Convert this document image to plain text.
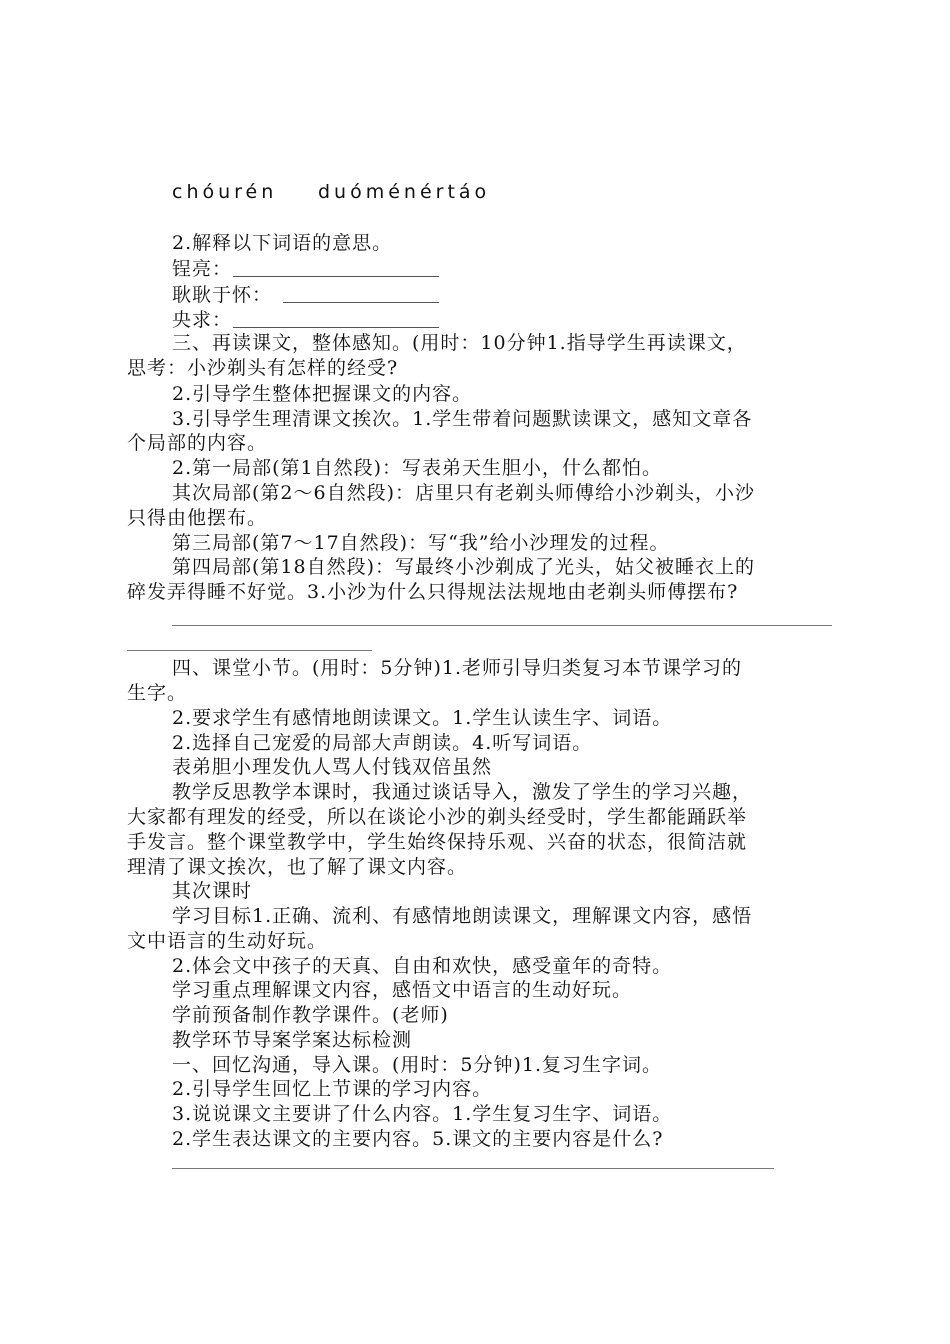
chóurén duóménértáo
2.解释以下词语的意思。
锃亮：
耿耿于怀：
央求：
三、再读课文，整体感知。(用时：10分钟1.指导学生再读课文，
思考：小沙剃头有怎样的经受?
2.引导学生整体把握课文的内容。
3.引导学生理清课文挨次。1.学生带着问题默读课文，感知文章各
个局部的内容。
2.第一局部(第1自然段)：写表弟天生胆小，什么都怕。
其次局部(第2～6自然段)：店里只有老剃头师傅给小沙剃头，小沙
只得由他摆布。
第三局部(第7～17自然段)：写“我”给小沙理发的过程。
第四局部(第18自然段)：写最终小沙剃成了光头，姑父被睡衣上的
碎发弄得睡不好觉。3.小沙为什么只得规法法规地由老剃头师傅摆布?
四、课堂小节。(用时：5分钟)1.老师引导归类复习本节课学习的
生字。
2.要求学生有感情地朗读课文。1.学生认读生字、词语。
2.选择自己宠爱的局部大声朗读。4.听写词语。
表弟胆小理发仇人骂人付钱双倍虽然
教学反思教学本课时，我通过谈话导入，激发了学生的学习兴趣，
大家都有理发的经受，所以在谈论小沙的剃头经受时，学生都能踊跃举
手发言。整个课堂教学中，学生始终保持乐观、兴奋的状态，很简洁就
理清了课文挨次，也了解了课文内容。
其次课时
学习目标1.正确、流利、有感情地朗读课文，理解课文内容，感悟
文中语言的生动好玩。
2.体会文中孩子的天真、自由和欢快，感受童年的奇特。
学习重点理解课文内容，感悟文中语言的生动好玩。
学前预备制作教学课件。(老师)
教学环节导案学案达标检测
一、回忆沟通，导入课。(用时：5分钟)1.复习生字词。
2.引导学生回忆上节课的学习内容。
3.说说课文主要讲了什么内容。1.学生复习生字、词语。
2.学生表达课文的主要内容。5.课文的主要内容是什么?
